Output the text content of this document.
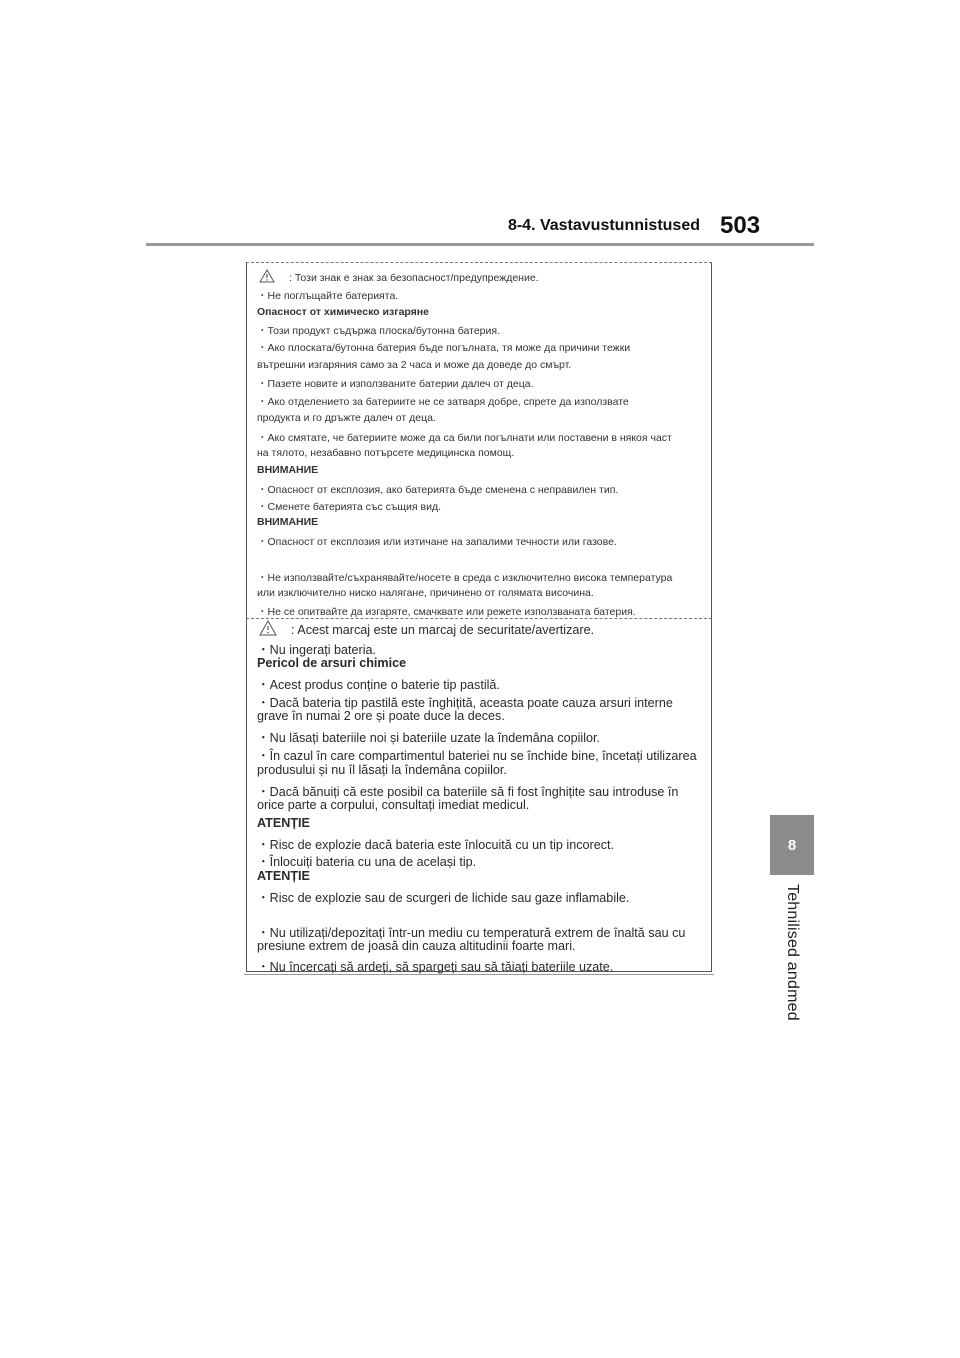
8-4. Vastavustunnistused 503
8
Tehnilised andmed
: Този знак е знак за безопасност/предупреждение.
・Не поглъщайте батерията.
Опасност от химическо изгаряне
・Този продукт съдържа плоска/бутонна батерия.
・Ако плоската/бутонна батерия бъде погълната, тя може да причини тежки
вътрешни изгаряния само за 2 часа и може да доведе до смърт.
・Пазете новите и използваните батерии далеч от деца.
・Ако отделението за батериите не се затваря добре, спрете да използвате
продукта и го дръжте далеч от деца.
・Ако смятате, че батериите може да са били погълнати или поставени в някоя част
на тялото, незабавно потърсете медицинска помощ.
ВНИМАНИЕ
・Опасност от експлозия, ако батерията бъде сменена с неправилен тип.
・Сменете батерията със същия вид.
ВНИМАНИЕ
・Опасност от експлозия или изтичане на запалими течности или газове.
・Не използвайте/съхранявайте/носете в среда с изключително висока температура
или изключително ниско налягане, причинено от голямата височина.
・Не се опитвайте да изгаряте, смачквате или режете използваната батерия.
: Acest marcaj este un marcaj de securitate/avertizare.
・Nu ingerați bateria.
Pericol de arsuri chimice
・Acest produs conține o baterie tip pastilă.
・Dacă bateria tip pastilă este înghițită, aceasta poate cauza arsuri interne
grave în numai 2 ore și poate duce la deces.
・Nu lăsați bateriile noi și bateriile uzate la îndemâna copiilor.
・În cazul în care compartimentul bateriei nu se închide bine, încetați utilizarea
produsului și nu îl lăsați la îndemâna copiilor.
・Dacă bănuiți că este posibil ca bateriile să fi fost înghițite sau introduse în
orice parte a corpului, consultați imediat medicul.
ATENȚIE
・Risc de explozie dacă bateria este înlocuită cu un tip incorect.
・Înlocuiți bateria cu una de același tip.
ATENȚIE
・Risc de explozie sau de scurgeri de lichide sau gaze inflamabile.
・Nu utilizați/depozitați într-un mediu cu temperatură extrem de înaltă sau cu
presiune extrem de joasă din cauza altitudinii foarte mari.
・Nu încercați să ardeți, să spargeți sau să tăiați bateriile uzate.
